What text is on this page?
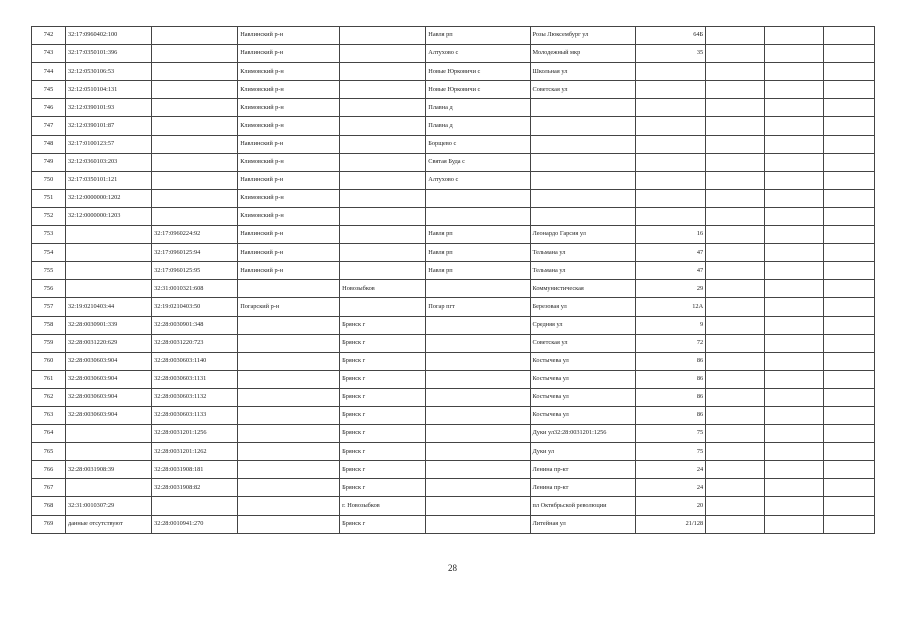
742	32:17:0960402:100		Навлинский р-н		Навля рп	Розы Люксембург ул	64Б			
743	32:17:0350101:396		Навлинский р-н		Алтухово с	Молодежный мкр	35			
744	32:12:0530106:53		Климовский р-н		Новые Юрковичи с	Школьная ул				
745	32:12:0510104:131		Климовский р-н		Новые Юрковичи с	Советская ул				
746	32:12:0390101:93		Климовский р-н		Плавна д					
747	32:12:0390101:87		Климовский р-н		Плавна д					
748	32:17:0100123:57		Навлинский р-н		Борщево с					
749	32:12:0360103:203		Климовский р-н		Святая Буда с					
750	32:17:0350101:121		Навлинский р-н		Алтухово с					
751	32:12:0000000:1202		Климовский р-н							
752	32:12:0000000:1203		Климовский р-н							
753		32:17:0960224:92	Навлинский р-н		Навля рп	Леонардо Гарсия ул	16			
754		32:17:0960125:94	Навлинский р-н		Навля рп	Тельмана ул	47			
755		32:17:0960125:95	Навлинский р-н		Навля рп	Тельмана ул	47			
756		32:31:0010321:608		Новозыбков		Коммунистическая	29			
757	32:19:0210403:44	32:19:0210403:50	Погарский р-н		Погар пгт	Березовая ул	12А			
758	32:28:0030901:339	32:28:0030901:348		Брянск г		Средняя ул	9			
759	32:28:0031220:629	32:28:0031220:723		Брянск г		Советская ул	72			
760	32:28:0030603:904	32:28:0030603:1140		Брянск г		Костычева ул	86			
761	32:28:0030603:904	32:28:0030603:1131		Брянск г		Костычева ул	86			
762	32:28:0030603:904	32:28:0030603:1132		Брянск г		Костычева ул	86			
763	32:28:0030603:904	32:28:0030603:1133		Брянск г		Костычева ул	86			
764		32:28:0031201:1256		Брянск г		Дуки ул32:28:0031201:1256	75			
765		32:28:0031201:1262		Брянск г		Дуки ул	75			
766	32:28:0031908:39	32:28:0031908:181		Брянск г		Ленина пр-кт	24			
767		32:28:0031908:82		Брянск г		Ленина пр-кт	24			
768	32:31:0010307:29			г. Новозыбков		пл Октябрьской революции	20			
769	данные отсутствуют	32:28:0010941:270		Брянск г		Литейная ул	21/128			
28
